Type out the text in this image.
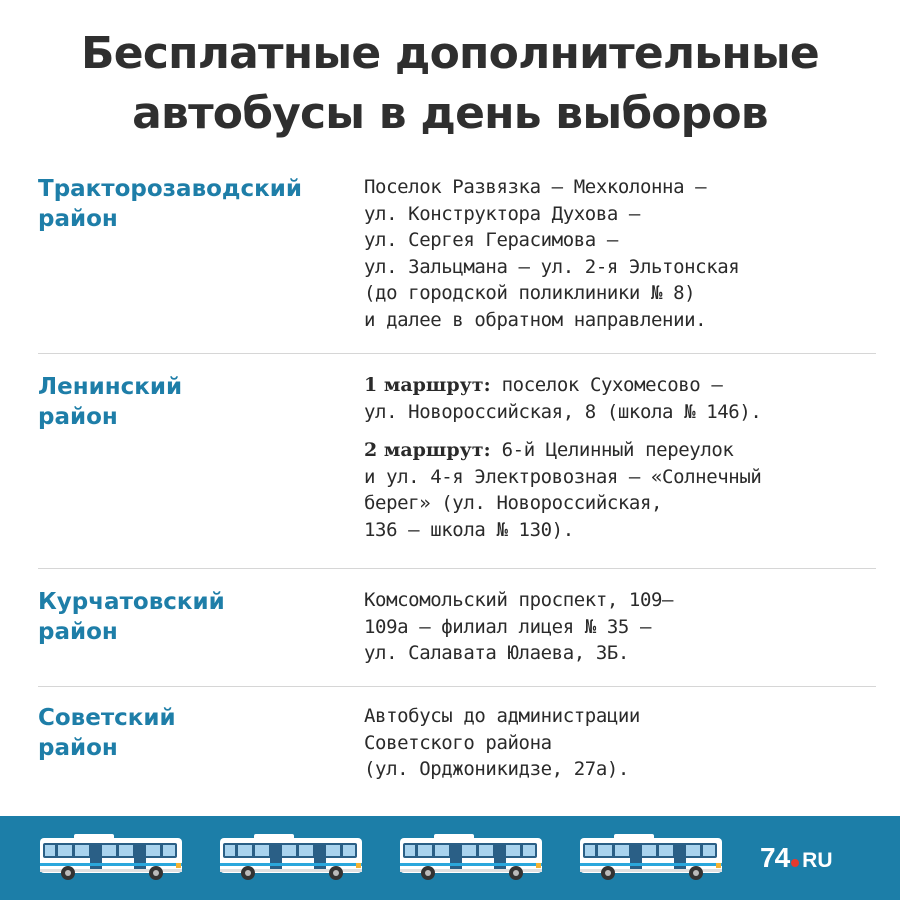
Бесплатные дополнительные
автобусы в день выборов
Тракторозаводский
район
Поселок Развязка — Мехколонна —
ул. Конструктора Духова —
ул. Сергея Герасимова —
ул. Зальцмана — ул. 2-я Эльтонская
(до городской поликлиники № 8)
и далее в обратном направлении.
Ленинский
район
1 маршрут: поселок Сухомесово —
ул. Новороссийская, 8 (школа № 146).
2 маршрут: 6-й Целинный переулок
и ул. 4-я Электровозная — «Солнечный
берег» (ул. Новороссийская,
136 – школа № 130).
Курчатовский
район
Комсомольский проспект, 109—
109а – филиал лицея № 35 —
ул. Салавата Юлаева, 3Б.
Советский
район
Автобусы до администрации
Советского района
(ул. Орджоникидзе, 27а).
74 RU
